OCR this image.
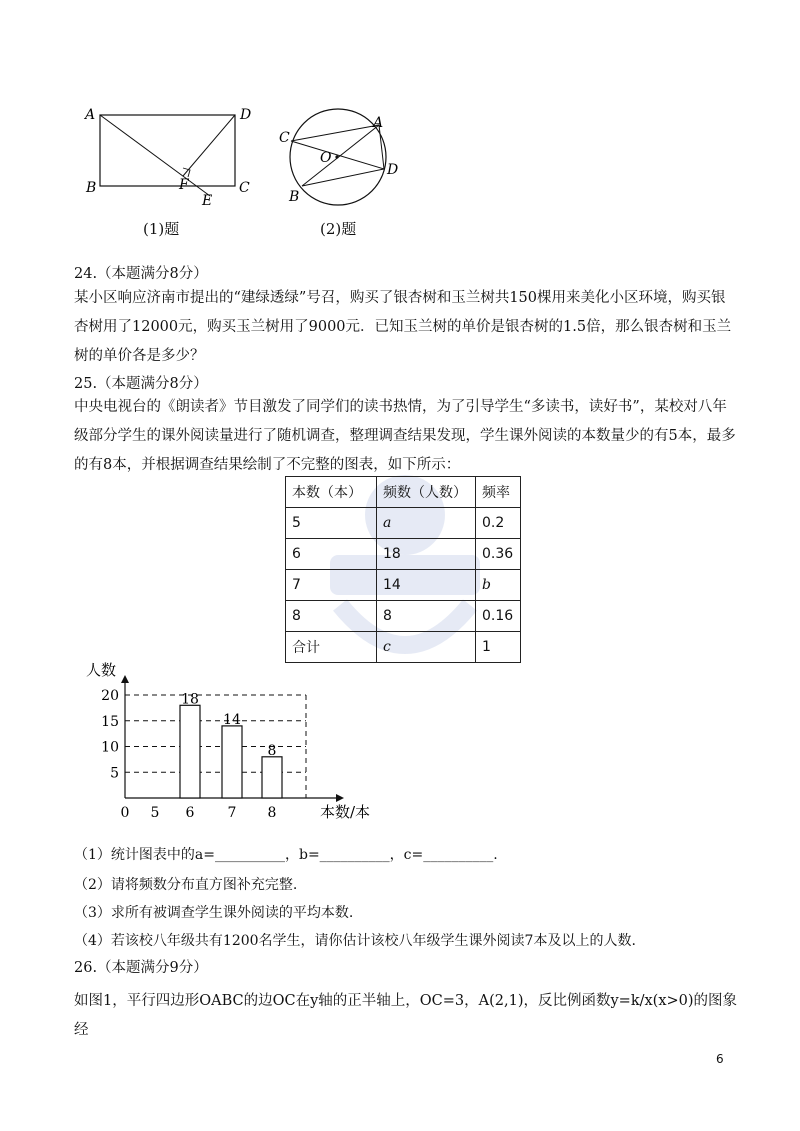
A	D
B	C
F
E
(1)题
C
A
O
D
B
(2)题
24.（本题满分8分）
某小区响应济南市提出的“建绿透绿”号召，购买了银杏树和玉兰树共150棵用来美化小区环境，购买银杏树用了12000元，购买玉兰树用了9000元．已知玉兰树的单价是银杏树的1.5倍，那么银杏树和玉兰树的单价各是多少？
25.（本题满分8分）
中央电视台的《朗读者》节目激发了同学们的读书热情，为了引导学生“多读书，读好书”，某校对八年级部分学生的课外阅读量进行了随机调查，整理调查结果发现，学生课外阅读的本数量少的有5本，最多的有8本，并根据调查结果绘制了不完整的图表，如下所示：
本数（本）	频数（人数）	频率
5	a	0.2
6	18	0.36
7	14	b
8	8	0.16
合计	c	1
人数
本数/本
20
15
10
5
0 5 6
18
7
14
8
8
（1）统计图表中的a=__________，b=__________，c=__________.
（2）请将频数分布直方图补充完整.
（3）求所有被调查学生课外阅读的平均本数.
（4）若该校八年级共有1200名学生，请你估计该校八年级学生课外阅读7本及以上的人数.
26.（本题满分9分）
如图1，平行四边形OABC的边OC在y轴的正半轴上，OC=3，A(2,1)，反比例函数y=k/x(x>0)的图象经
6
